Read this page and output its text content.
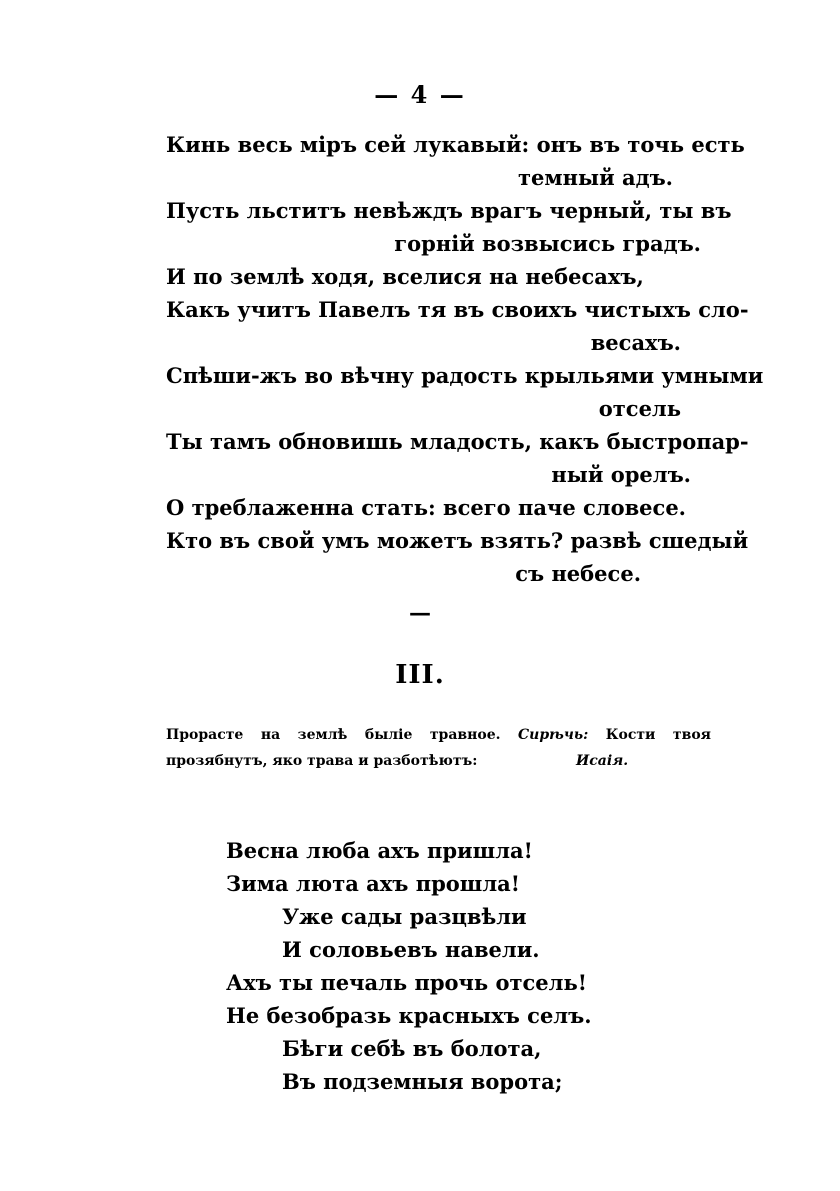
— 4 —
Кинь весь міръ сей лукавый: онъ въ точь есть
темный адъ.
Пусть льститъ невѣждъ врагъ черный, ты въ
горній возвысись градъ.
И по землѣ ходя, вселися на небесахъ,
Какъ учитъ Павелъ тя въ своихъ чистыхъ сло-
весахъ.
Спѣши-жъ во вѣчну радость крыльями умными
отсель
Ты тамъ обновишь младость, какъ быстропар-
ный орелъ.
О треблаженна стать: всего паче словесе.
Кто въ свой умъ можетъ взять? развѣ сшедый
съ небесе.
—
III.
Прорасте на землѣ быліе травное. Сирѣчь: Кости твоя
прозябнутъ, яко трава и разботѣютъ:	Исаія.
Весна люба ахъ пришла!
Зима люта ахъ прошла!
Уже сады разцвѣли
И соловьевъ навели.
Ахъ ты печаль прочь отсель!
Не безобразь красныхъ селъ.
Бѣги себѣ въ болота,
Въ подземныя ворота;
